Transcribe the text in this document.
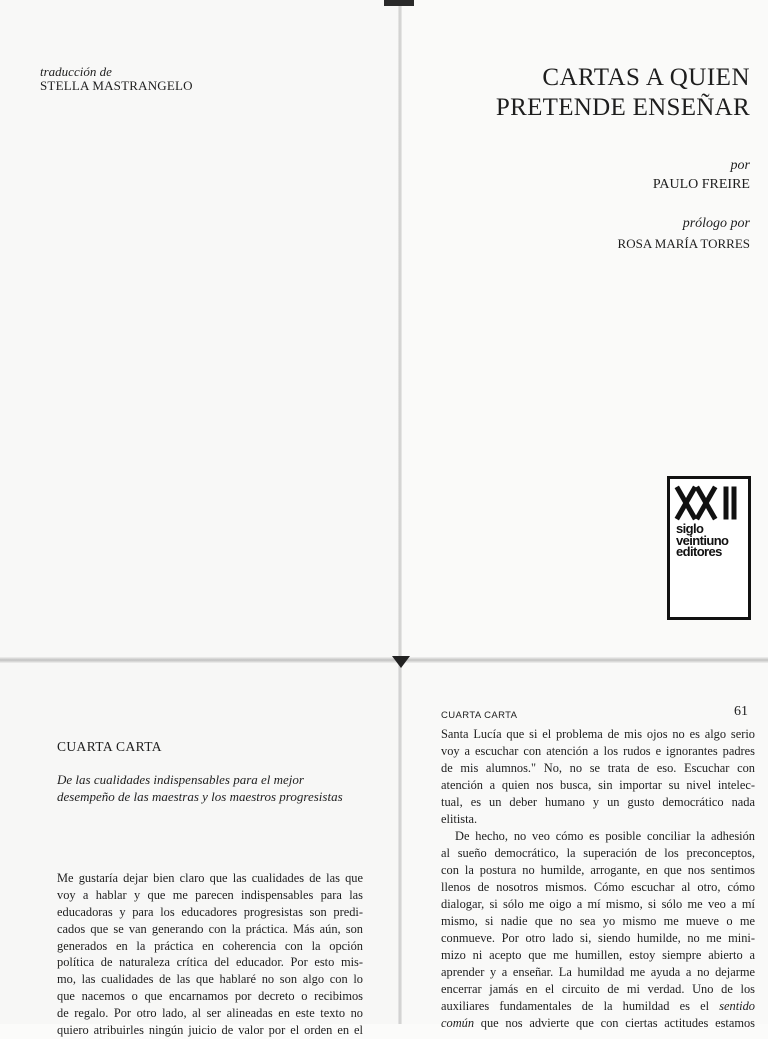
traducción de
STELLA MASTRANGELO	CARTAS A QUIEN
PRETENDE ENSEÑAR
por
PAULO FREIRE
prólogo por
ROSA MARÍA TORRES
siglo
veintiuno
editores
CUARTA CARTA
De las cualidades indispensables para el mejor
desempeño de las maestras y los maestros progresistas
Me gustaría dejar bien claro que las cualidades de las que
voy a hablar y que me parecen indispensables para las
educadoras y para los educadores progresistas son predi-
cados que se van generando con la práctica. Más aún, son
generados en la práctica en coherencia con la opción
política de naturaleza crítica del educador. Por esto mis-
mo, las cualidades de las que hablaré no son algo con lo
que nacemos o que encarnamos por decreto o recibimos
de regalo. Por otro lado, al ser alineadas en este texto no
quiero atribuirles ningún juicio de valor por el orden en el
CUARTA CARTA	61
Santa Lucía que si el problema de mis ojos no es algo serio
voy a escuchar con atención a los rudos e ignorantes padres
de mis alumnos." No, no se trata de eso. Escuchar con
atención a quien nos busca, sin importar su nivel intelec-
tual, es un deber humano y un gusto democrático nada
elitista.
De hecho, no veo cómo es posible conciliar la adhesión
al sueño democrático, la superación de los preconceptos,
con la postura no humilde, arrogante, en que nos sentimos
llenos de nosotros mismos. Cómo escuchar al otro, cómo
dialogar, si sólo me oigo a mí mismo, si sólo me veo a mí
mismo, si nadie que no sea yo mismo me mueve o me
conmueve. Por otro lado si, siendo humilde, no me mini-
mizo ni acepto que me humillen, estoy siempre abierto a
aprender y a enseñar. La humildad me ayuda a no dejarme
encerrar jamás en el circuito de mi verdad. Uno de los
auxiliares fundamentales de la humildad es el sentido
común que nos advierte que con ciertas actitudes estamos
